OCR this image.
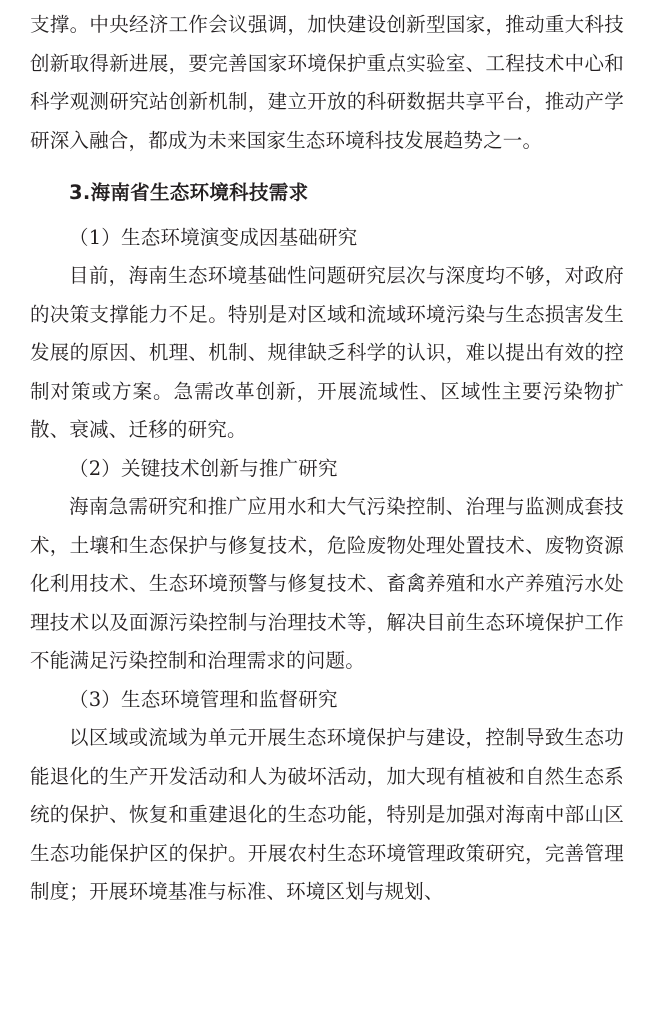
支撑。中央经济工作会议强调，加快建设创新型国家，推动重大科技创新取得新进展，要完善国家环境保护重点实验室、工程技术中心和科学观测研究站创新机制，建立开放的科研数据共享平台，推动产学研深入融合，都成为未来国家生态环境科技发展趋势之一。

3.海南省生态环境科技需求

（1）生态环境演变成因基础研究

目前，海南生态环境基础性问题研究层次与深度均不够，对政府的决策支撑能力不足。特别是对区域和流域环境污染与生态损害发生发展的原因、机理、机制、规律缺乏科学的认识，难以提出有效的控制对策或方案。急需改革创新，开展流域性、区域性主要污染物扩散、衰减、迁移的研究。

（2）关键技术创新与推广研究

海南急需研究和推广应用水和大气污染控制、治理与监测成套技术，土壤和生态保护与修复技术，危险废物处理处置技术、废物资源化利用技术、生态环境预警与修复技术、畜禽养殖和水产养殖污水处理技术以及面源污染控制与治理技术等，解决目前生态环境保护工作不能满足污染控制和治理需求的问题。

（3）生态环境管理和监督研究

以区域或流域为单元开展生态环境保护与建设，控制导致生态功能退化的生产开发活动和人为破坏活动，加大现有植被和自然生态系统的保护、恢复和重建退化的生态功能，特别是加强对海南中部山区生态功能保护区的保护。开展农村生态环境管理政策研究，完善管理制度；开展环境基准与标准、环境区划与规划、
